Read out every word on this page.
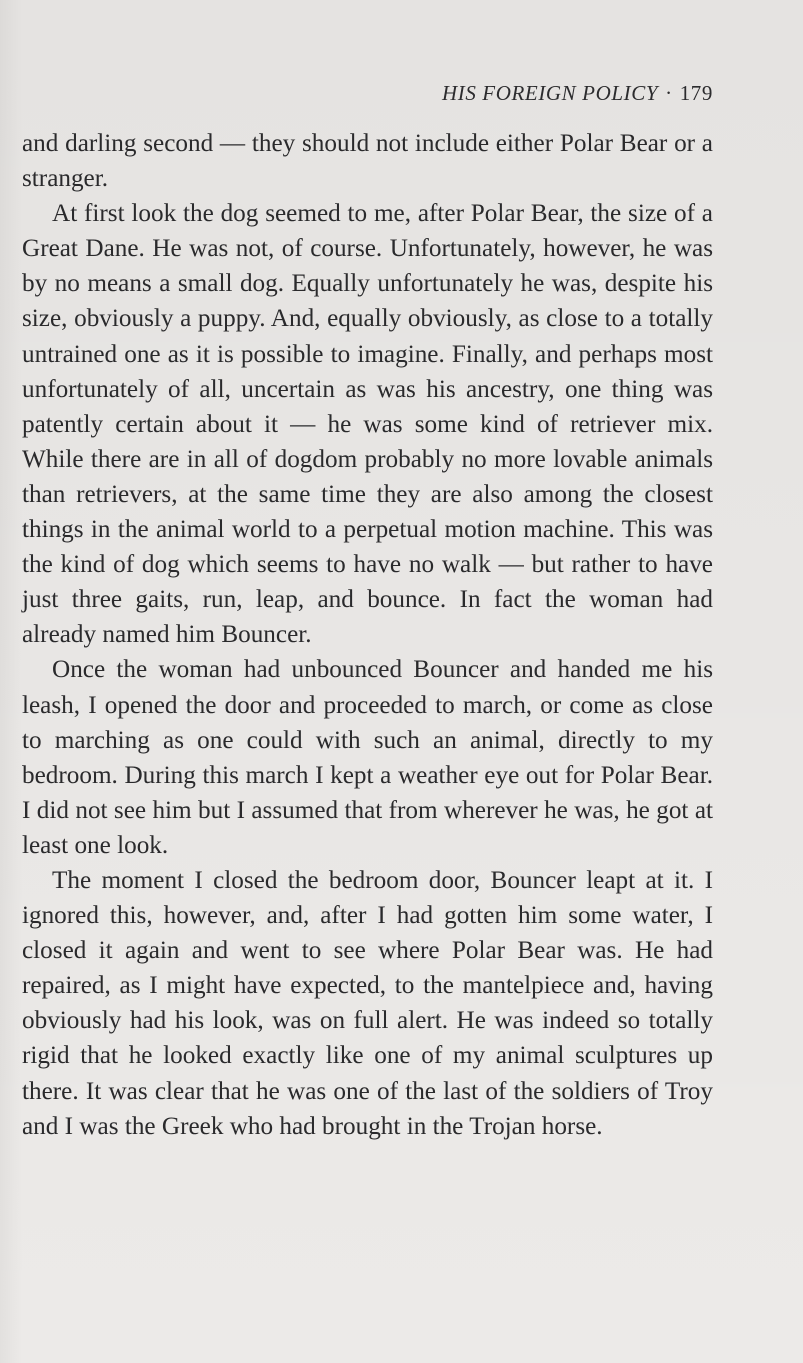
HIS FOREIGN POLICY · 179

and darling second — they should not include either Polar Bear or a stranger.

At first look the dog seemed to me, after Polar Bear, the size of a Great Dane. He was not, of course. Unfortunately, however, he was by no means a small dog. Equally unfortunately he was, despite his size, obviously a puppy. And, equally obviously, as close to a totally untrained one as it is possible to imagine. Finally, and perhaps most unfortunately of all, uncertain as was his ancestry, one thing was patently certain about it — he was some kind of retriever mix. While there are in all of dogdom probably no more lovable animals than retrievers, at the same time they are also among the closest things in the animal world to a perpetual motion machine. This was the kind of dog which seems to have no walk — but rather to have just three gaits, run, leap, and bounce. In fact the woman had already named him Bouncer.

Once the woman had unbounced Bouncer and handed me his leash, I opened the door and proceeded to march, or come as close to marching as one could with such an animal, directly to my bedroom. During this march I kept a weather eye out for Polar Bear. I did not see him but I assumed that from wherever he was, he got at least one look.

The moment I closed the bedroom door, Bouncer leapt at it. I ignored this, however, and, after I had gotten him some water, I closed it again and went to see where Polar Bear was. He had repaired, as I might have expected, to the mantelpiece and, having obviously had his look, was on full alert. He was indeed so totally rigid that he looked exactly like one of my animal sculptures up there. It was clear that he was one of the last of the soldiers of Troy and I was the Greek who had brought in the Trojan horse.
